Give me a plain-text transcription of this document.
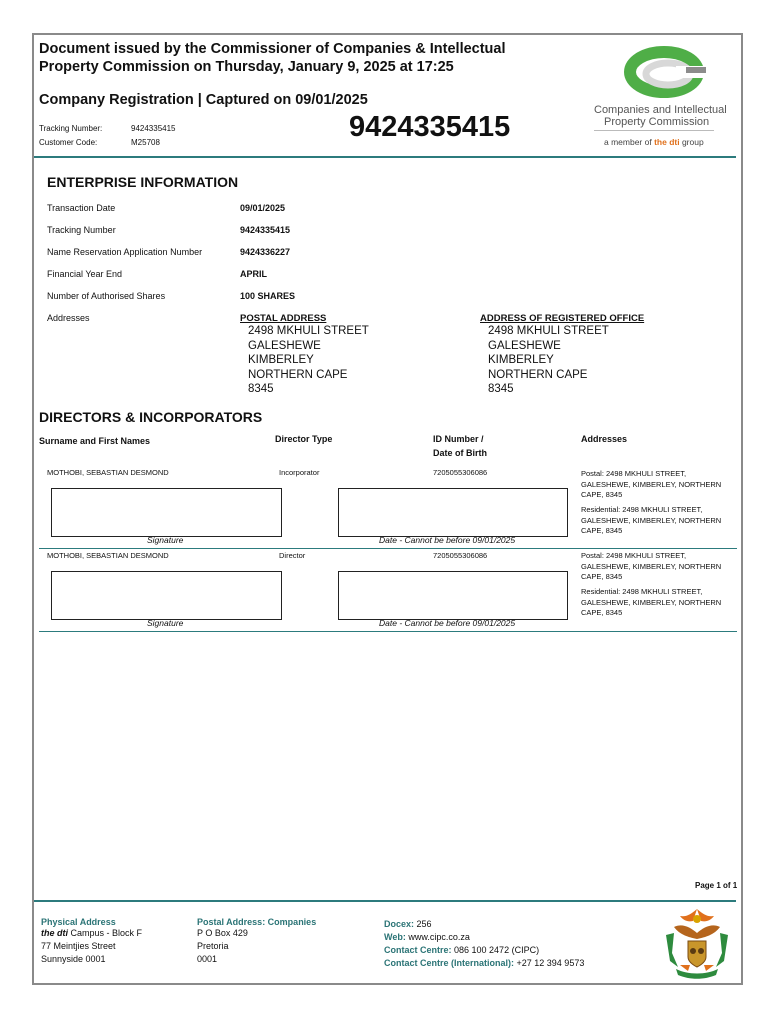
Document issued by the Commissioner of Companies & Intellectual
Property Commission on Thursday, January 9, 2025 at 17:25
Company Registration | Captured on 09/01/2025
Tracking Number:	9424335415
Customer Code:	M25708	9424335415
Companies and Intellectual
Property Commission
a member of the dti group
ENTERPRISE INFORMATION
Transaction Date	09/01/2025
Tracking Number	9424335415
Name Reservation Application Number	9424336227
Financial Year End	APRIL
Number of Authorised Shares	100 SHARES
Addresses	POSTAL ADDRESS
2498 MKHULI STREET
GALESHEWE
KIMBERLEY
NORTHERN CAPE
8345
ADDRESS OF REGISTERED OFFICE
2498 MKHULI STREET
GALESHEWE
KIMBERLEY
NORTHERN CAPE
8345
DIRECTORS & INCORPORATORS
Surname and First Names	Director Type	ID Number /
Date of Birth
Addresses
MOTHOBI, SEBASTIAN DESMOND	Incorporator	7205055306086	Postal: 2498 MKHULI STREET, GALESHEWE, KIMBERLEY, NORTHERN CAPE, 8345
Residential: 2498 MKHULI STREET, GALESHEWE, KIMBERLEY, NORTHERN CAPE, 8345
Signature	Date - Cannot be before 09/01/2025
MOTHOBI, SEBASTIAN DESMOND	Director	7205055306086	Postal: 2498 MKHULI STREET, GALESHEWE, KIMBERLEY, NORTHERN CAPE, 8345
Residential: 2498 MKHULI STREET, GALESHEWE, KIMBERLEY, NORTHERN CAPE, 8345
Signature	Date - Cannot be before 09/01/2025
Page 1 of 1
Physical Address
the dti Campus - Block F
77 Meintjies Street
Sunnyside 0001
Postal Address: Companies
P O Box 429
Pretoria
0001
Docex: 256
Web: www.cipc.co.za
Contact Centre: 086 100 2472 (CIPC)
Contact Centre (International): +27 12 394 9573
